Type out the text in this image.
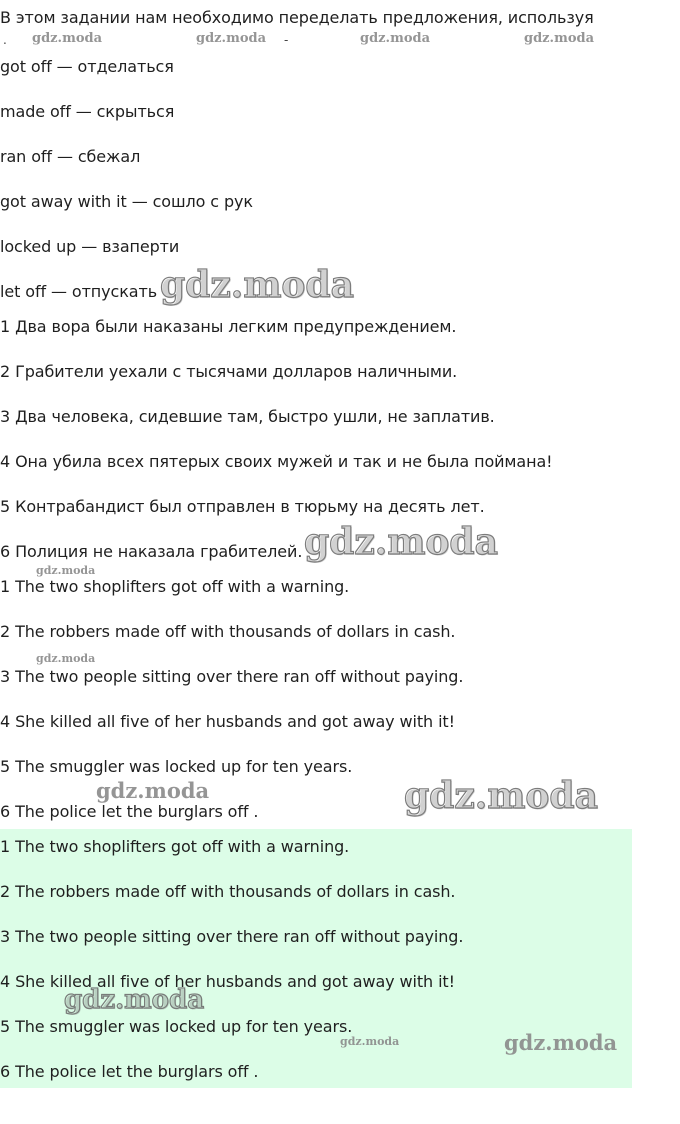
В этом задании нам необходимо переделать предложения, используя
.	-
got off — отделаться
made off — скрыться
ran off — сбежал
got away with it — сошло с рук
locked up — взаперти
let off — отпускать
1 Два вора были наказаны легким предупреждением.
2 Грабители уехали с тысячами долларов наличными.
3 Два человека, сидевшие там, быстро ушли, не заплатив.
4 Она убила всех пятерых своих мужей и так и не была поймана!
5 Контрабандист был отправлен в тюрьму на десять лет.
6 Полиция не наказала грабителей.
1 The two shoplifters got off with a warning.
2 The robbers made off with thousands of dollars in cash.
3 The two people sitting over there ran off without paying.
4 She killed all five of her husbands and got away with it!
5 The smuggler was locked up for ten years.
6 The police let the burglars off .
1 The two shoplifters got off with a warning.
2 The robbers made off with thousands of dollars in cash.
3 The two people sitting over there ran off without paying.
4 She killed all five of her husbands and got away with it!
5 The smuggler was locked up for ten years.
6 The police let the burglars off .
gdz.moda	gdz.moda	gdz.moda	gdz.moda
gdz.moda
gdz.moda
gdz.moda
gdz.moda
gdz.moda
gdz.moda
gdz.moda
gdz.moda	gdz.moda
